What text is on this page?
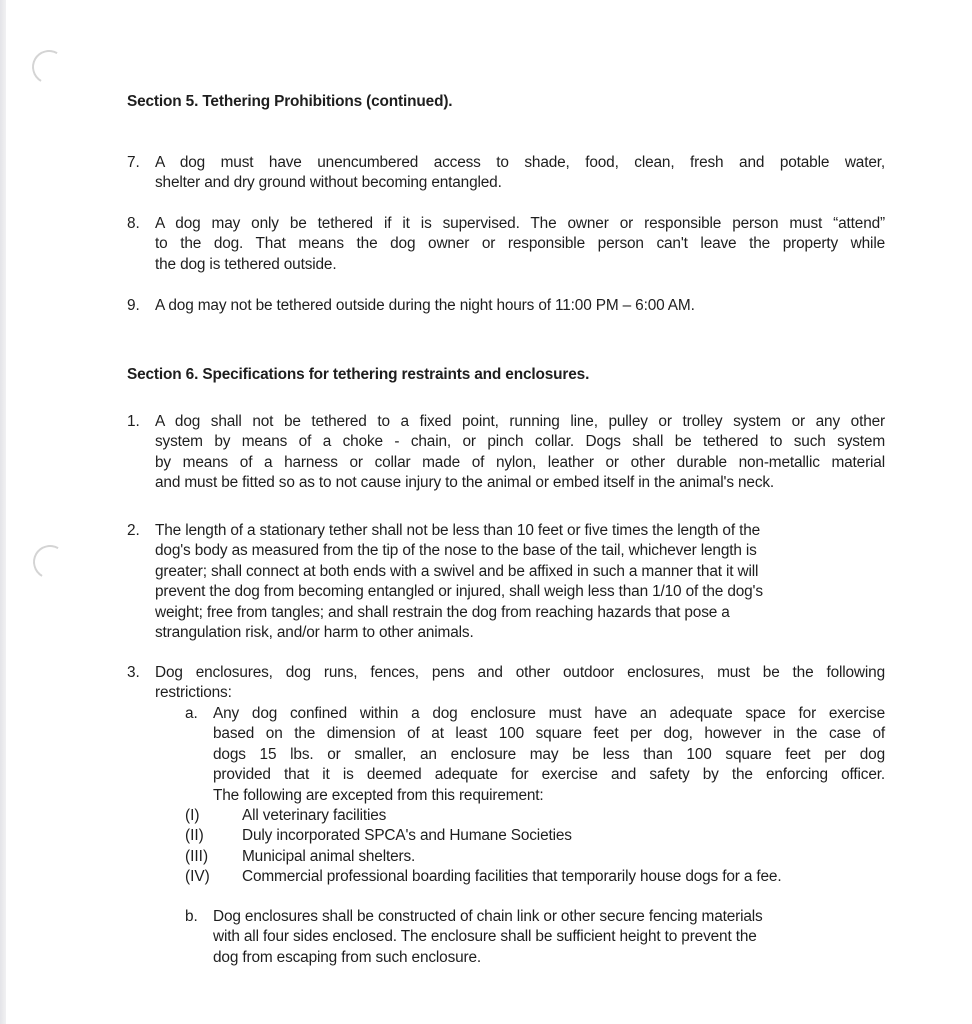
Section 5. Tethering Prohibitions (continued).
7. A dog must have unencumbered access to shade, food, clean, fresh and potable water,
shelter and dry ground without becoming entangled.
8. A dog may only be tethered if it is supervised. The owner or responsible person must “attend”
to the dog. That means the dog owner or responsible person can't leave the property while
the dog is tethered outside.
9. A dog may not be tethered outside during the night hours of 11:00 PM – 6:00 AM.
Section 6. Specifications for tethering restraints and enclosures.
1. A dog shall not be tethered to a fixed point, running line, pulley or trolley system or any other
system by means of a choke - chain, or pinch collar. Dogs shall be tethered to such system
by means of a harness or collar made of nylon, leather or other durable non-metallic material
and must be fitted so as to not cause injury to the animal or embed itself in the animal's neck.
2. The length of a stationary tether shall not be less than 10 feet or five times the length of the
dog's body as measured from the tip of the nose to the base of the tail, whichever length is
greater; shall connect at both ends with a swivel and be affixed in such a manner that it will
prevent the dog from becoming entangled or injured, shall weigh less than 1/10 of the dog's
weight; free from tangles; and shall restrain the dog from reaching hazards that pose a
strangulation risk, and/or harm to other animals.
3. Dog enclosures, dog runs, fences, pens and other outdoor enclosures, must be the following
restrictions:
a. Any dog confined within a dog enclosure must have an adequate space for exercise
based on the dimension of at least 100 square feet per dog, however in the case of
dogs 15 lbs. or smaller, an enclosure may be less than 100 square feet per dog
provided that it is deemed adequate for exercise and safety by the enforcing officer.
The following are excepted from this requirement:
(I)	All veterinary facilities
(II) Duly incorporated SPCA's and Humane Societies
(III) Municipal animal shelters.
(IV) Commercial professional boarding facilities that temporarily house dogs for a fee.
b. Dog enclosures shall be constructed of chain link or other secure fencing materials
with all four sides enclosed. The enclosure shall be sufficient height to prevent the
dog from escaping from such enclosure.
